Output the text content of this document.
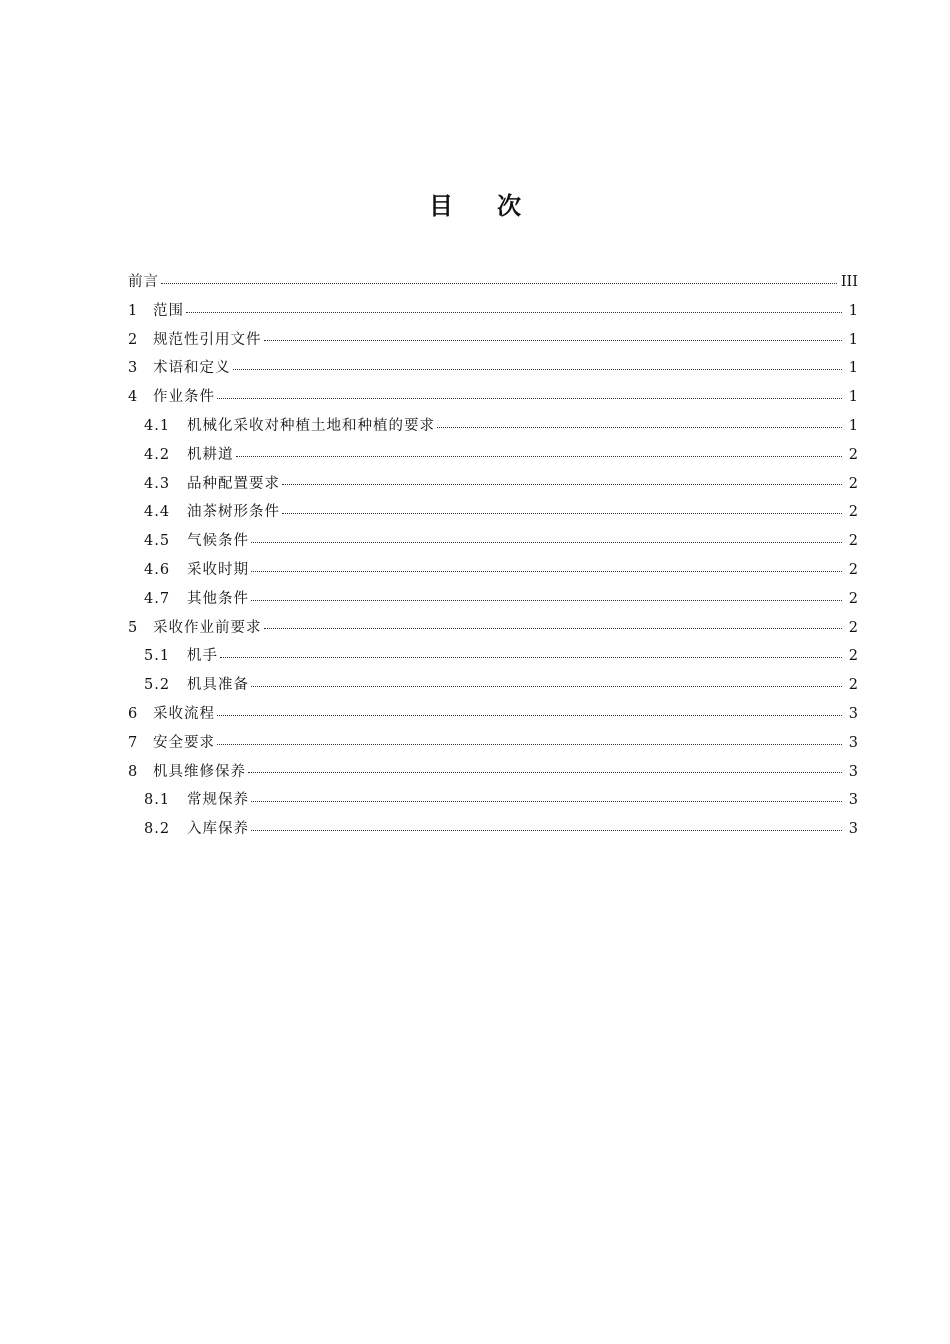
目 次
前言	III
1	范围	1
2	规范性引用文件	1
3	术语和定义	1
4	作业条件	1
4.1	机械化采收对种植土地和种植的要求	1
4.2	机耕道	2
4.3	品种配置要求	2
4.4	油茶树形条件	2
4.5	气候条件	2
4.6	采收时期	2
4.7	其他条件	2
5	采收作业前要求	2
5.1	机手	2
5.2	机具准备	2
6	采收流程	3
7	安全要求	3
8	机具维修保养	3
8.1	常规保养	3
8.2	入库保养	3
